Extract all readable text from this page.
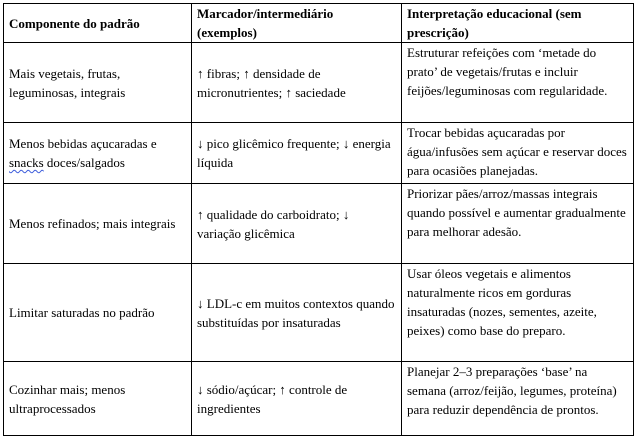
Componente do padrão	Marcador/intermediário (exemplos)	Interpretação educacional (sem prescrição)
Mais vegetais, frutas, leguminosas, integrais	↑ fibras; ↑ densidade de micronutrientes; ↑ saciedade	Estruturar refeições com ‘metade do prato’ de vegetais/frutas e incluir feijões/leguminosas com regularidade.
Menos bebidas açucaradas e snacks doces/salgados	↓ pico glicêmico frequente; ↓ energia líquida	Trocar bebidas açucaradas por água/infusões sem açúcar e reservar doces para ocasiões planejadas.
Menos refinados; mais integrais	↑ qualidade do carboidrato; ↓ variação glicêmica	Priorizar pães/arroz/massas integrais quando possível e aumentar gradualmente para melhorar adesão.
Limitar saturadas no padrão	↓ LDL-c em muitos contextos quando substituídas por insaturadas	Usar óleos vegetais e alimentos naturalmente ricos em gorduras insaturadas (nozes, sementes, azeite, peixes) como base do preparo.
Cozinhar mais; menos ultraprocessados	↓ sódio/açúcar; ↑ controle de ingredientes	Planejar 2–3 preparações ‘base’ na semana (arroz/feijão, legumes, proteína) para reduzir dependência de prontos.
